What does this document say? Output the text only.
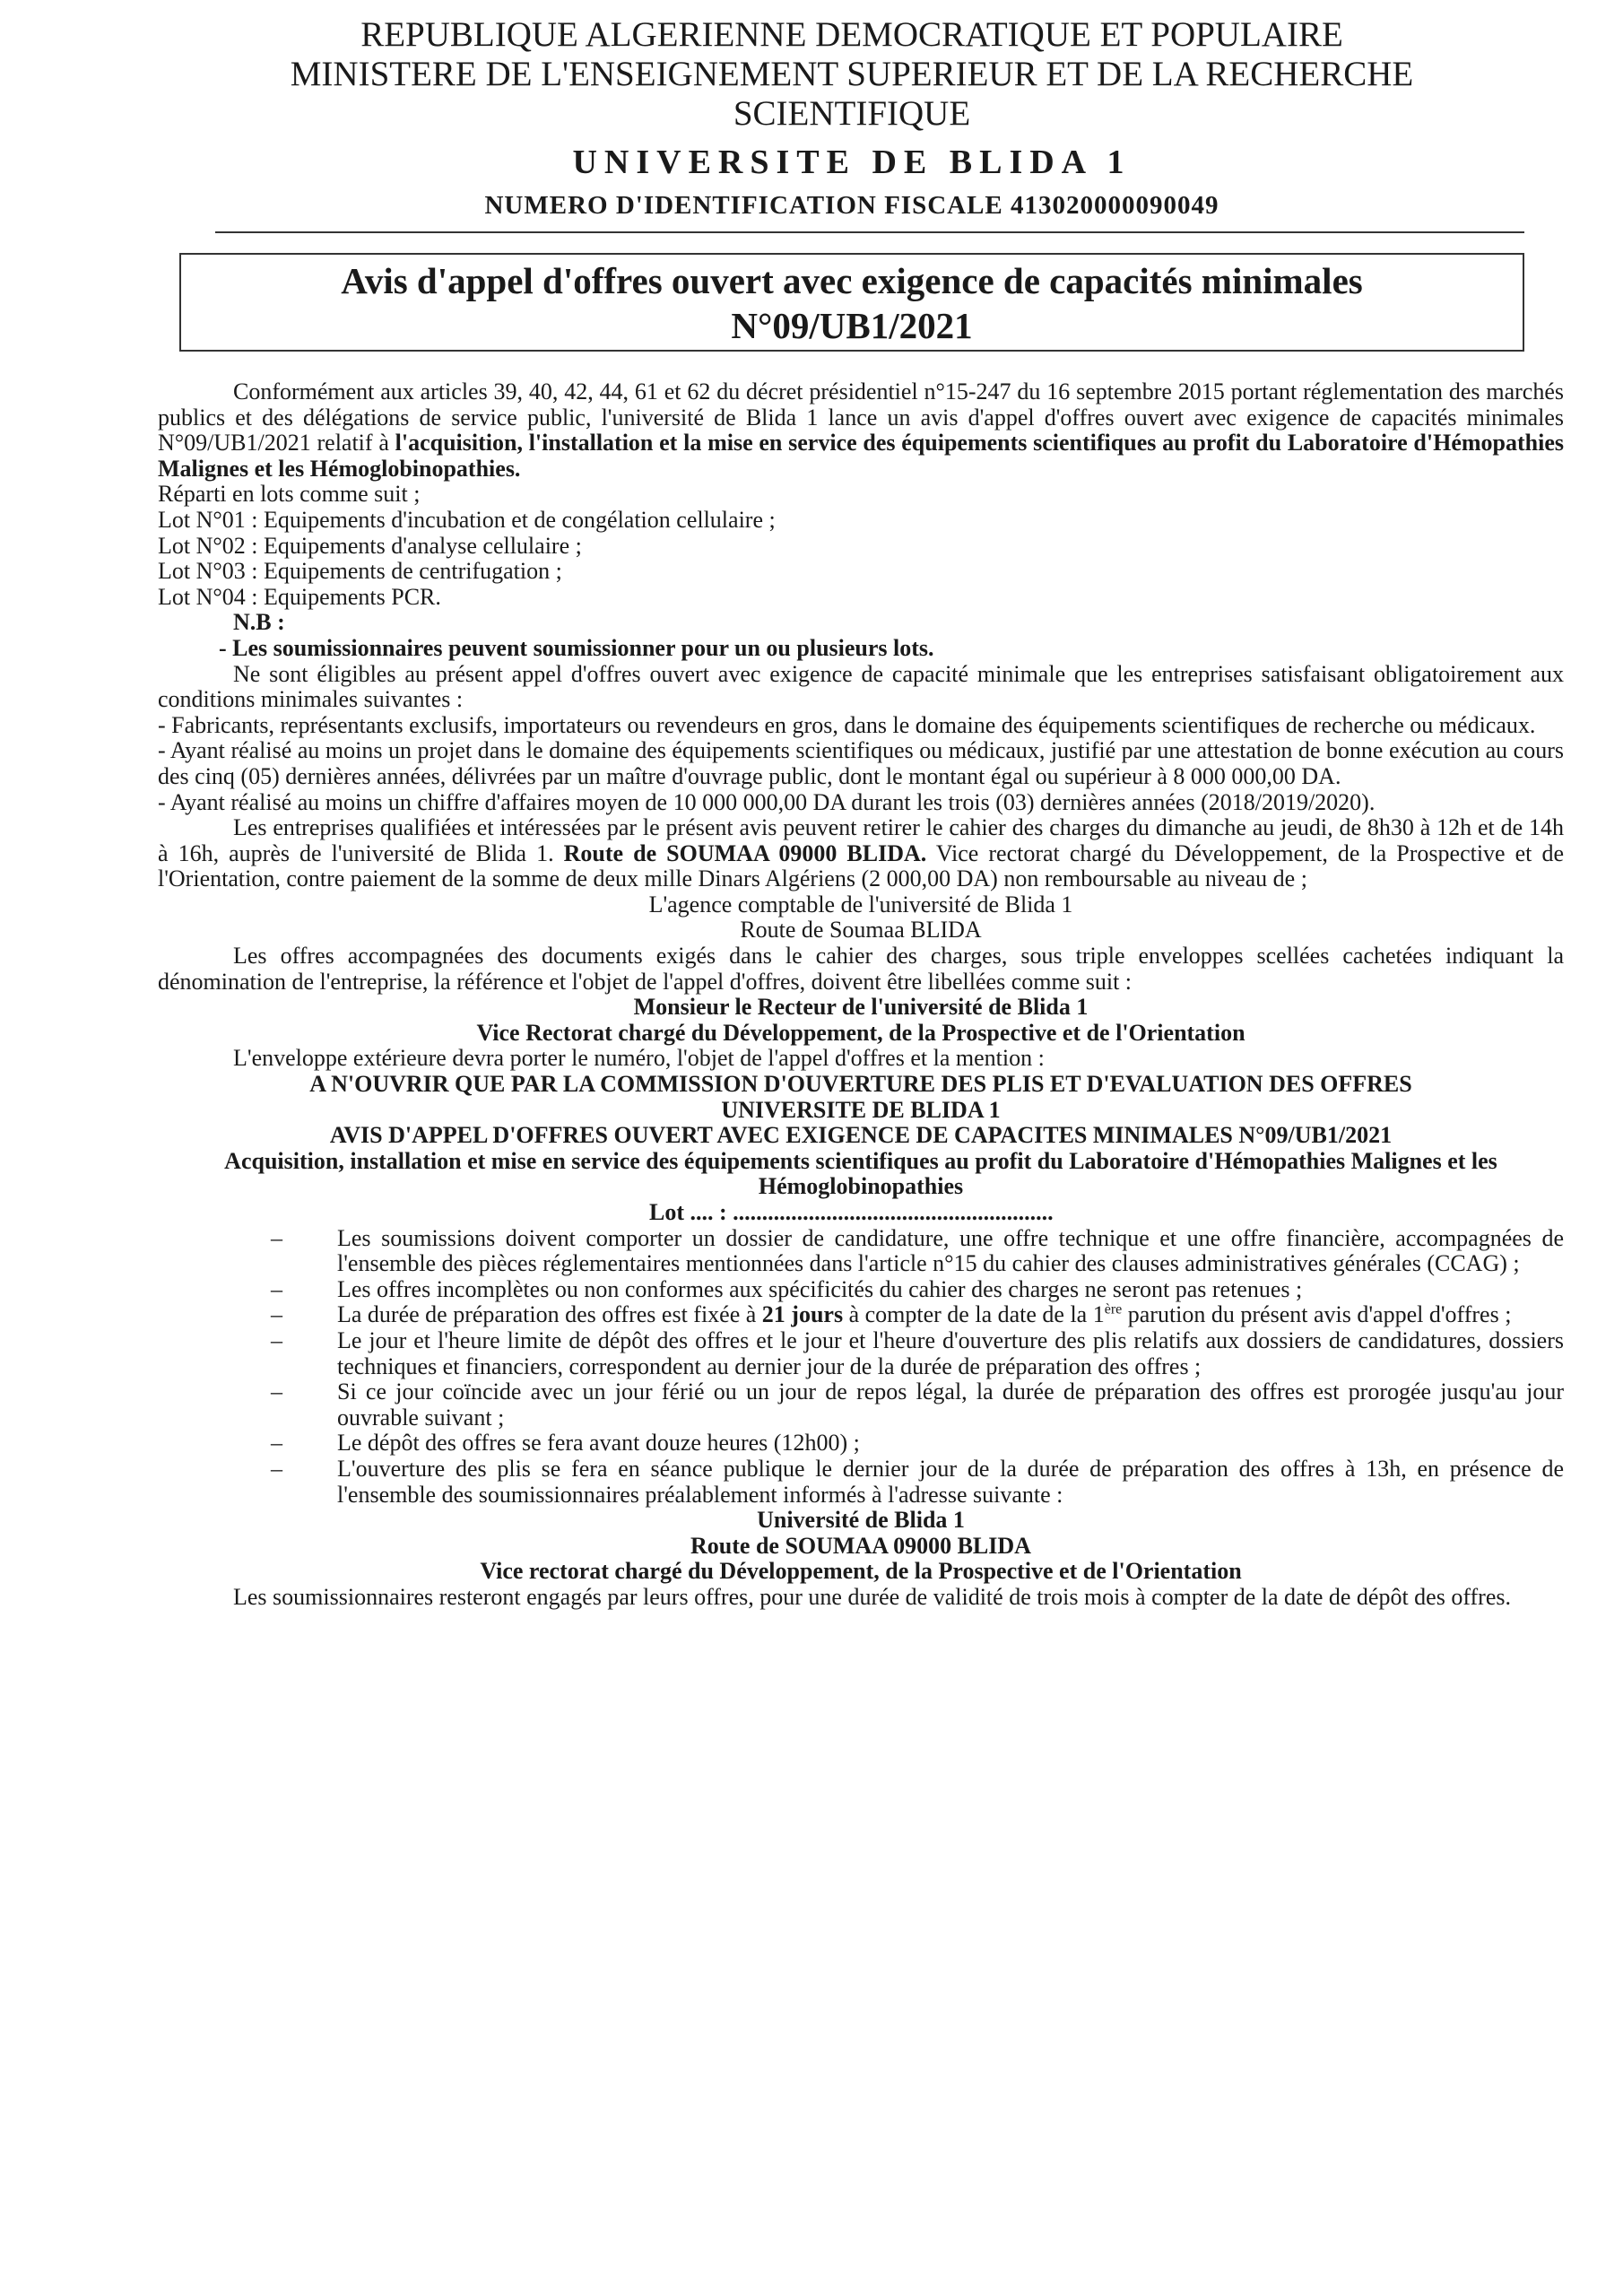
REPUBLIQUE ALGERIENNE DEMOCRATIQUE ET POPULAIRE
MINISTERE DE L'ENSEIGNEMENT SUPERIEUR ET DE LA RECHERCHE
SCIENTIFIQUE
UNIVERSITE DE BLIDA 1
NUMERO D'IDENTIFICATION FISCALE 413020000090049
Avis d'appel d'offres ouvert avec exigence de capacités minimales
N°09/UB1/2021

Conformément aux articles 39, 40, 42, 44, 61 et 62 du décret présidentiel n°15-247 du 16 septembre 2015 portant réglementation des marchés publics et des délégations de service public, l'université de Blida 1 lance un avis d'appel d'offres ouvert avec exigence de capacités minimales N°09/UB1/2021 relatif à l'acquisition, l'installation et la mise en service des équipements scientifiques au profit du Laboratoire d'Hémopathies Malignes et les Hémoglobinopathies.

Réparti en lots comme suit ;

Lot N°01 : Equipements d'incubation et de congélation cellulaire ;

Lot N°02 : Equipements d'analyse cellulaire ;

Lot N°03 : Equipements de centrifugation ;

Lot N°04 : Equipements PCR.

N.B :

- Les soumissionnaires peuvent soumissionner pour un ou plusieurs lots.

Ne sont éligibles au présent appel d'offres ouvert avec exigence de capacité minimale que les entreprises satisfaisant obligatoirement aux conditions minimales suivantes :

- Fabricants, représentants exclusifs, importateurs ou revendeurs en gros, dans le domaine des équipements scientifiques de recherche ou médicaux.

- Ayant réalisé au moins un projet dans le domaine des équipements scientifiques ou médicaux, justifié par une attestation de bonne exécution au cours des cinq (05) dernières années, délivrées par un maître d'ouvrage public, dont le montant égal ou supérieur à 8 000 000,00 DA.

- Ayant réalisé au moins un chiffre d'affaires moyen de 10 000 000,00 DA durant les trois (03) dernières années (2018/2019/2020).

Les entreprises qualifiées et intéressées par le présent avis peuvent retirer le cahier des charges du dimanche au jeudi, de 8h30 à 12h et de 14h à 16h, auprès de l'université de Blida 1. Route de SOUMAA 09000 BLIDA. Vice rectorat chargé du Développement, de la Prospective et de l'Orientation, contre paiement de la somme de deux mille Dinars Algériens (2 000,00 DA) non remboursable au niveau de ;

L'agence comptable de l'université de Blida 1

Route de Soumaa BLIDA

Les offres accompagnées des documents exigés dans le cahier des charges, sous triple enveloppes scellées cachetées indiquant la dénomination de l'entreprise, la référence et l'objet de l'appel d'offres, doivent être libellées comme suit :

Monsieur le Recteur de l'université de Blida 1

Vice Rectorat chargé du Développement, de la Prospective et de l'Orientation

L'enveloppe extérieure devra porter le numéro, l'objet de l'appel d'offres et la mention :

A N'OUVRIR QUE PAR LA COMMISSION D'OUVERTURE DES PLIS ET D'EVALUATION DES OFFRES

UNIVERSITE DE BLIDA 1

AVIS D'APPEL D'OFFRES OUVERT AVEC EXIGENCE DE CAPACITES MINIMALES N°09/UB1/2021

Acquisition, installation et mise en service des équipements scientifiques au profit du Laboratoire d'Hémopathies Malignes et les Hémoglobinopathies

Lot .... : .......................................................

– Les soumissions doivent comporter un dossier de candidature, une offre technique et une offre financière, accompagnées de l'ensemble des pièces réglementaires mentionnées dans l'article n°15 du cahier des clauses administratives générales (CCAG) ;
– Les offres incomplètes ou non conformes aux spécificités du cahier des charges ne seront pas retenues ;
– La durée de préparation des offres est fixée à 21 jours à compter de la date de la 1ère parution du présent avis d'appel d'offres ;
– Le jour et l'heure limite de dépôt des offres et le jour et l'heure d'ouverture des plis relatifs aux dossiers de candidatures, dossiers techniques et financiers, correspondent au dernier jour de la durée de préparation des offres ;
– Si ce jour coïncide avec un jour férié ou un jour de repos légal, la durée de préparation des offres est prorogée jusqu'au jour ouvrable suivant ;
– Le dépôt des offres se fera avant douze heures (12h00) ;
– L'ouverture des plis se fera en séance publique le dernier jour de la durée de préparation des offres à 13h, en présence de l'ensemble des soumissionnaires préalablement informés à l'adresse suivante :

Université de Blida 1

Route de SOUMAA 09000 BLIDA

Vice rectorat chargé du Développement, de la Prospective et de l'Orientation

Les soumissionnaires resteront engagés par leurs offres, pour une durée de validité de trois mois à compter de la date de dépôt des offres.
